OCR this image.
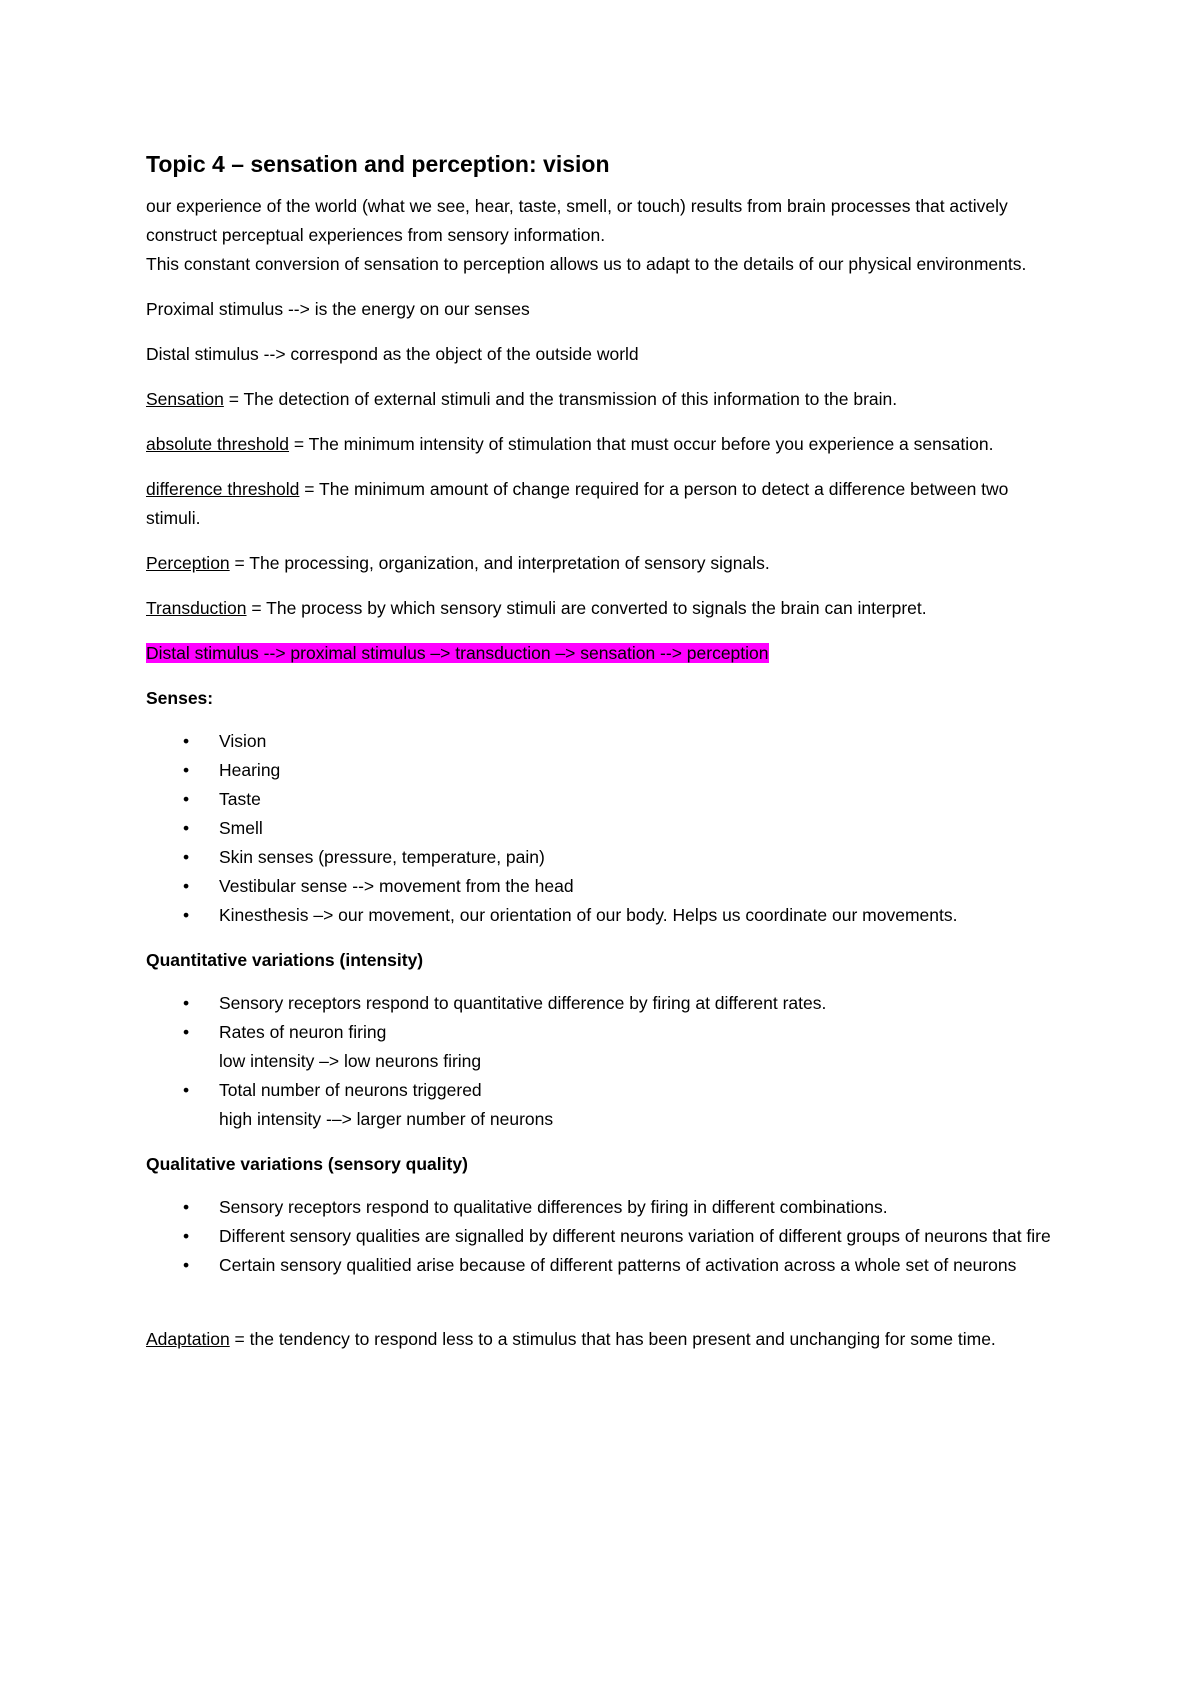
Topic 4 – sensation and perception: vision

our experience of the world (what we see, hear, taste, smell, or touch) results from brain processes that actively construct perceptual experiences from sensory information.
This constant conversion of sensation to perception allows us to adapt to the details of our physical environments.

Proximal stimulus --> is the energy on our senses

Distal stimulus --> correspond as the object of the outside world

Sensation = The detection of external stimuli and the transmission of this information to the brain.

absolute threshold = The minimum intensity of stimulation that must occur before you experience a sensation.

difference threshold = The minimum amount of change required for a person to detect a difference between two stimuli.

Perception = The processing, organization, and interpretation of sensory signals.

Transduction = The process by which sensory stimuli are converted to signals the brain can interpret.

Distal stimulus --> proximal stimulus –> transduction –> sensation --> perception

Senses:

• Vision
• Hearing
• Taste
• Smell
• Skin senses (pressure, temperature, pain)
• Vestibular sense --> movement from the head
• Kinesthesis –> our movement, our orientation of our body. Helps us coordinate our movements.

Quantitative variations (intensity)

• Sensory receptors respond to quantitative difference by firing at different rates.
• Rates of neuron firing
low intensity –> low neurons firing
• Total number of neurons triggered
high intensity -–> larger number of neurons

Qualitative variations (sensory quality)

• Sensory receptors respond to qualitative differences by firing in different combinations.
• Different sensory qualities are signalled by different neurons variation of different groups of neurons that fire
• Certain sensory qualitied arise because of different patterns of activation across a whole set of neurons

Adaptation = the tendency to respond less to a stimulus that has been present and unchanging for some time.
